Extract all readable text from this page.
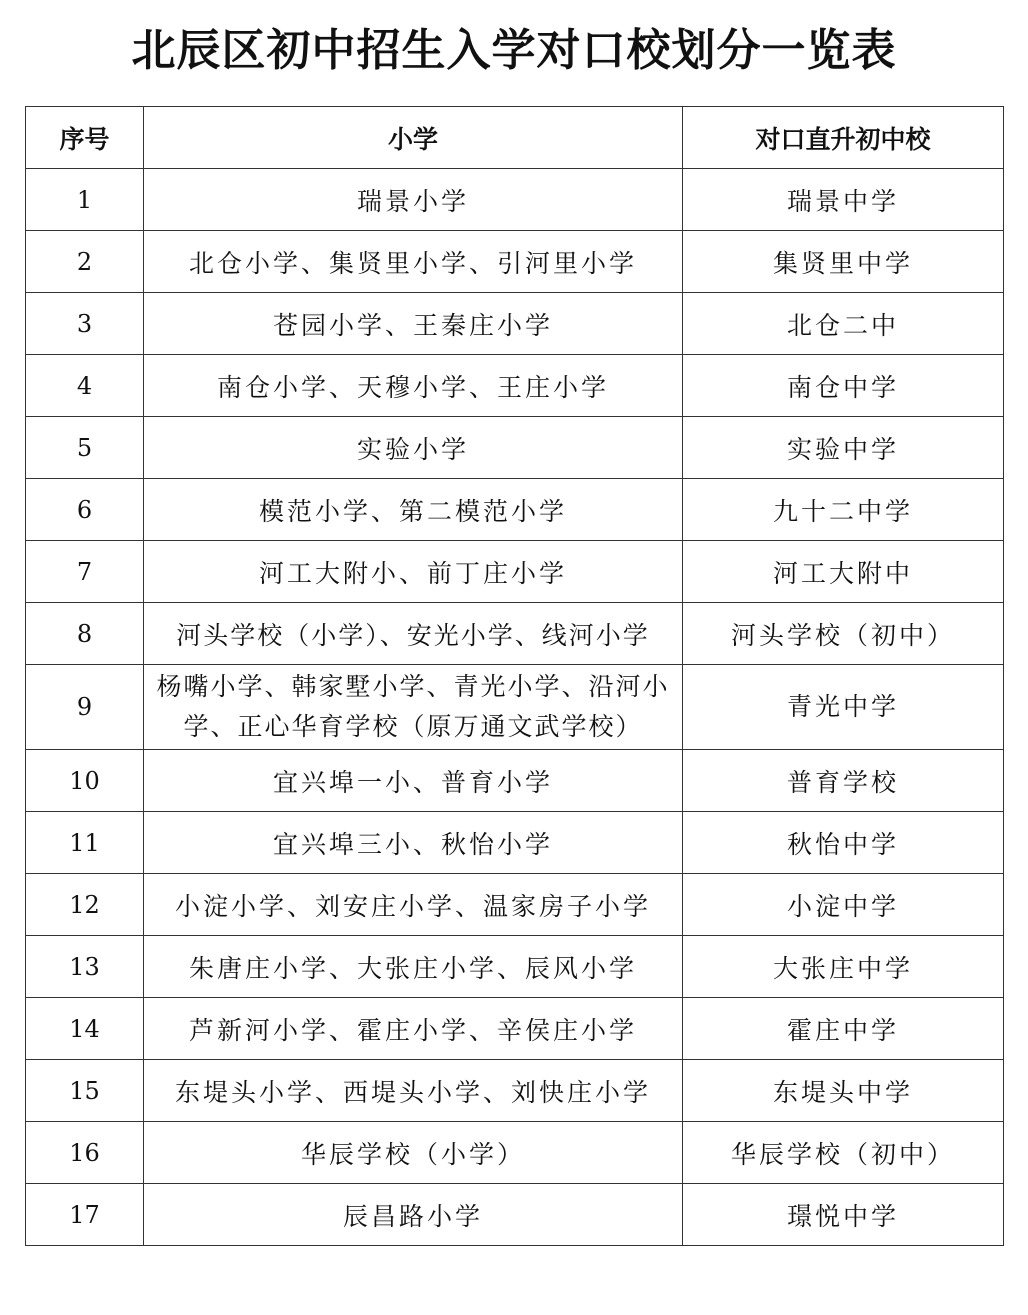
北辰区初中招生入学对口校划分一览表
序号	小学	对口直升初中校
1	瑞景小学	瑞景中学
2	北仓小学、集贤里小学、引河里小学	集贤里中学
3	苍园小学、王秦庄小学	北仓二中
4	南仓小学、天穆小学、王庄小学	南仓中学
5	实验小学	实验中学
6	模范小学、第二模范小学	九十二中学
7	河工大附小、前丁庄小学	河工大附中
8	河头学校（小学）、安光小学、线河小学	河头学校（初中）
9	杨嘴小学、韩家墅小学、青光小学、沿河小
学、正心华育学校（原万通文武学校）	青光中学
10	宜兴埠一小、普育小学	普育学校
11	宜兴埠三小、秋怡小学	秋怡中学
12	小淀小学、刘安庄小学、温家房子小学	小淀中学
13	朱唐庄小学、大张庄小学、辰风小学	大张庄中学
14	芦新河小学、霍庄小学、辛侯庄小学	霍庄中学
15	东堤头小学、西堤头小学、刘快庄小学	东堤头中学
16	华辰学校（小学）	华辰学校（初中）
17	辰昌路小学	璟悦中学
